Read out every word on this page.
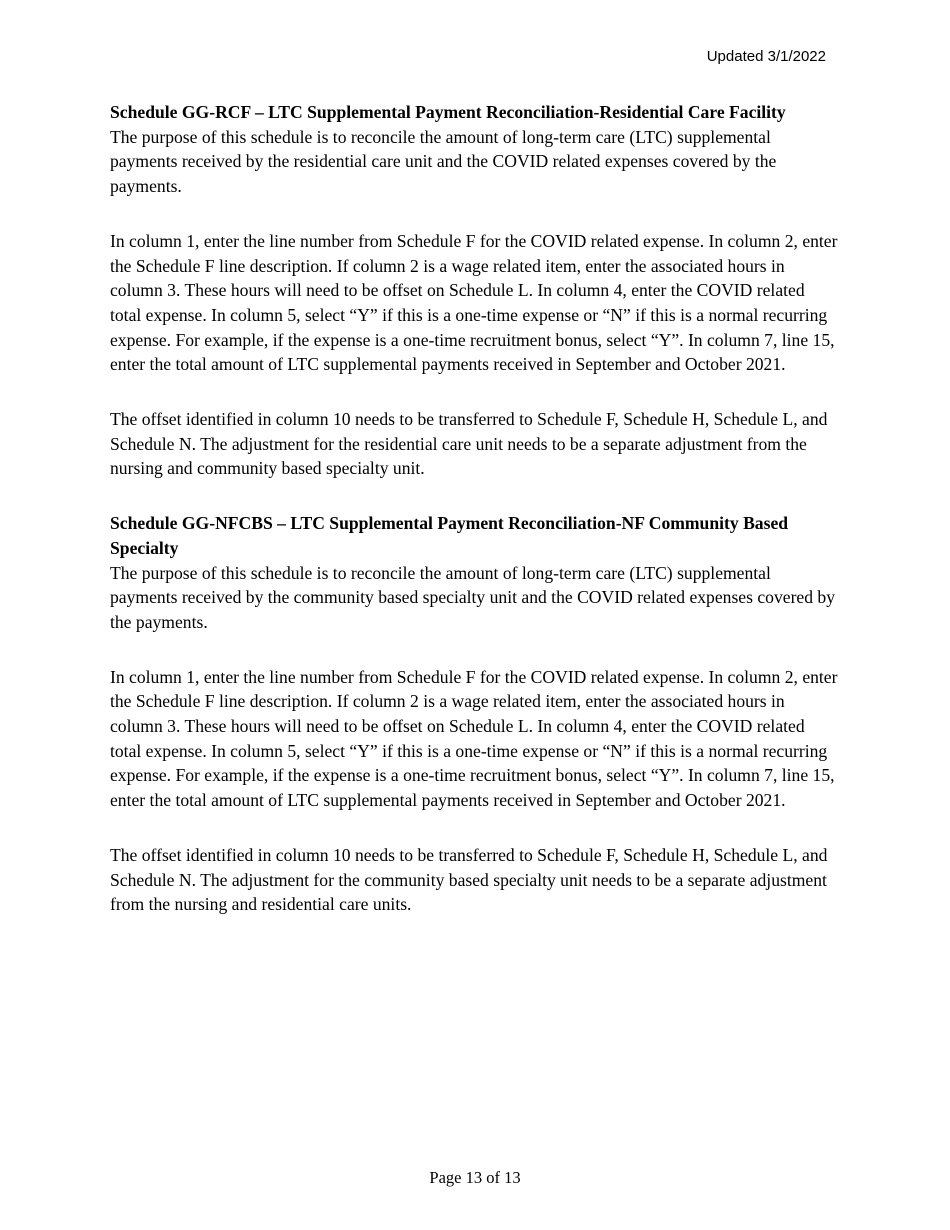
Updated 3/1/2022
Schedule GG-RCF – LTC Supplemental Payment Reconciliation-Residential Care Facility

The purpose of this schedule is to reconcile the amount of long-term care (LTC) supplemental payments received by the residential care unit and the COVID related expenses covered by the payments.

In column 1, enter the line number from Schedule F for the COVID related expense. In column 2, enter the Schedule F line description. If column 2 is a wage related item, enter the associated hours in column 3. These hours will need to be offset on Schedule L. In column 4, enter the COVID related total expense. In column 5, select “Y” if this is a one-time expense or “N” if this is a normal recurring expense. For example, if the expense is a one-time recruitment bonus, select “Y”. In column 7, line 15, enter the total amount of LTC supplemental payments received in September and October 2021.

The offset identified in column 10 needs to be transferred to Schedule F, Schedule H, Schedule L, and Schedule N. The adjustment for the residential care unit needs to be a separate adjustment from the nursing and community based specialty unit.

Schedule GG-NFCBS – LTC Supplemental Payment Reconciliation-NF Community Based Specialty

The purpose of this schedule is to reconcile the amount of long-term care (LTC) supplemental payments received by the community based specialty unit and the COVID related expenses covered by the payments.

In column 1, enter the line number from Schedule F for the COVID related expense. In column 2, enter the Schedule F line description. If column 2 is a wage related item, enter the associated hours in column 3. These hours will need to be offset on Schedule L. In column 4, enter the COVID related total expense. In column 5, select “Y” if this is a one-time expense or “N” if this is a normal recurring expense. For example, if the expense is a one-time recruitment bonus, select “Y”. In column 7, line 15, enter the total amount of LTC supplemental payments received in September and October 2021.

The offset identified in column 10 needs to be transferred to Schedule F, Schedule H, Schedule L, and Schedule N. The adjustment for the community based specialty unit needs to be a separate adjustment from the nursing and residential care units.

Page 13 of 13
